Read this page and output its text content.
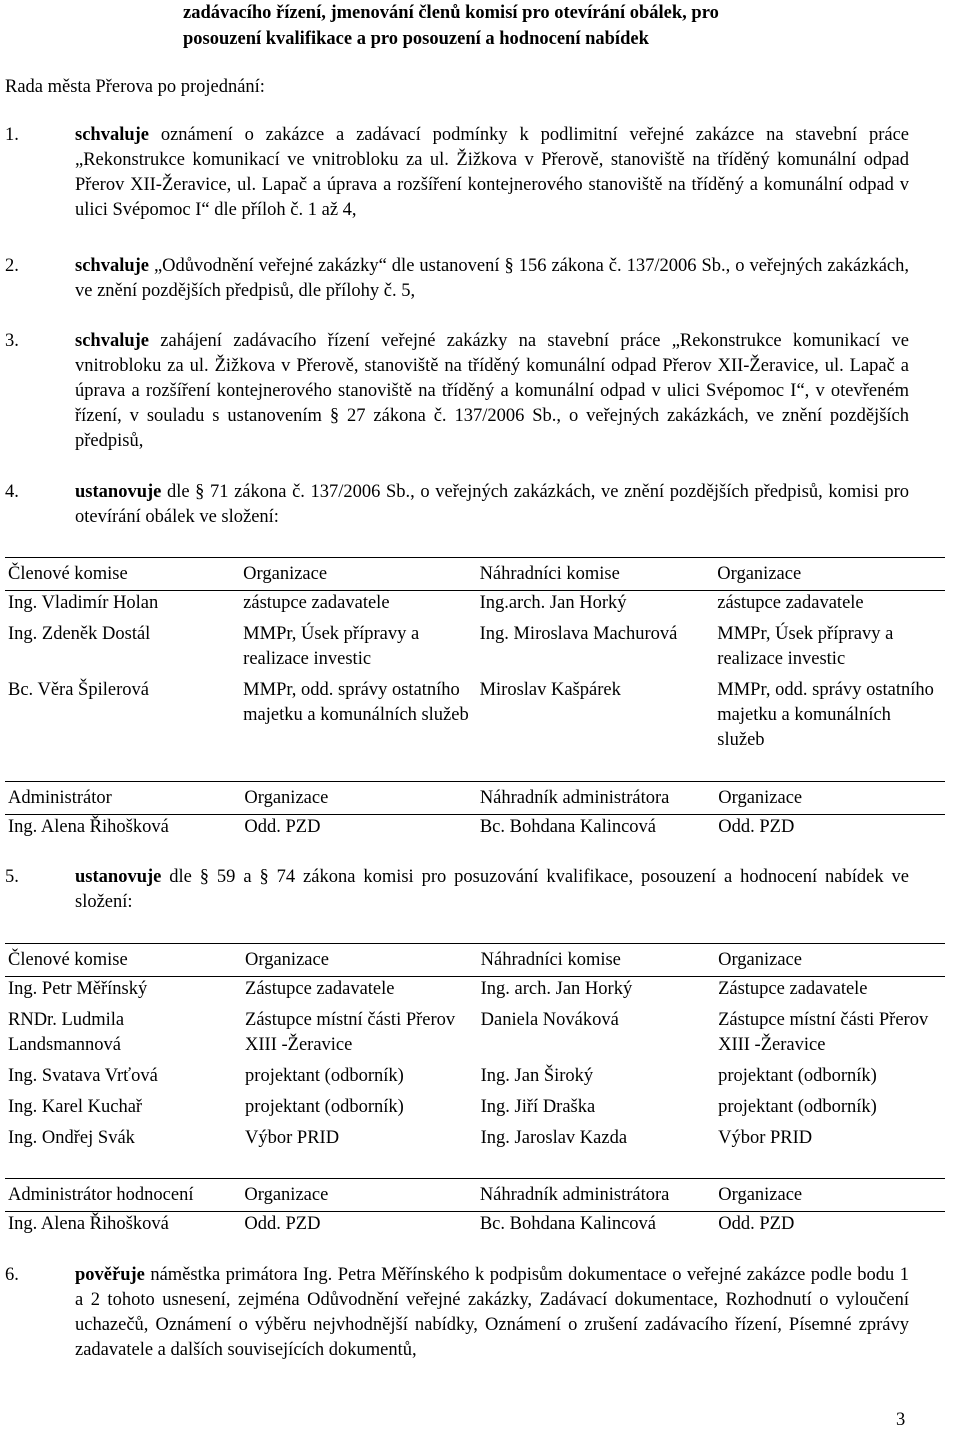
zadávacího řízení, jmenování členů komisí pro otevírání obálek, pro
posouzení kvalifikace a pro posouzení a hodnocení nabídek
Rada města Přerova po projednání:
1.	schvaluje oznámení o zakázce a zadávací podmínky k podlimitní veřejné zakázce na stavební práce „Rekonstrukce komunikací ve vnitrobloku za ul. Žižkova v Přerově, stanoviště na tříděný komunální odpad Přerov XII-Žeravice, ul. Lapač a úprava a rozšíření kontejnerového stanoviště na tříděný a komunální odpad v ulici Svépomoc I“ dle příloh č. 1 až 4,
2.	schvaluje „Odůvodnění veřejné zakázky“ dle ustanovení § 156 zákona č. 137/2006 Sb., o veřejných zakázkách, ve znění pozdějších předpisů, dle přílohy č. 5,
3.	schvaluje zahájení zadávacího řízení veřejné zakázky na stavební práce „Rekonstrukce komunikací ve vnitrobloku za ul. Žižkova v Přerově, stanoviště na tříděný komunální odpad Přerov XII-Žeravice, ul. Lapač a úprava a rozšíření kontejnerového stanoviště na tříděný a komunální odpad v ulici Svépomoc I“, v otevřeném řízení, v souladu s ustanovením § 27 zákona č. 137/2006 Sb., o veřejných zakázkách, ve znění pozdějších předpisů,
4.	ustanovuje dle § 71 zákona č. 137/2006 Sb., o veřejných zakázkách, ve znění pozdějších předpisů, komisi pro otevírání obálek ve složení:
Členové komise	Organizace	Náhradníci komise	Organizace
Ing. Vladimír Holan	zástupce zadavatele	Ing.arch. Jan Horký	zástupce zadavatele
Ing. Zdeněk Dostál	MMPr, Úsek přípravy a realizace investic	Ing. Miroslava Machurová	MMPr, Úsek přípravy a realizace investic
Bc. Věra Špilerová	MMPr, odd. správy ostatního majetku a komunálních služeb	Miroslav Kašpárek	MMPr, odd. správy ostatního majetku a komunálních služeb
Administrátor	Organizace	Náhradník administrátora	Organizace
Ing. Alena Řihošková	Odd. PZD	Bc. Bohdana Kalincová	Odd. PZD
5.	ustanovuje dle § 59 a § 74 zákona komisi pro posuzování kvalifikace, posouzení a hodnocení nabídek ve složení:
Členové komise	Organizace	Náhradníci komise	Organizace
Ing. Petr Měřínský	Zástupce zadavatele	Ing. arch. Jan Horký	Zástupce zadavatele
RNDr. Ludmila Landsmannová	Zástupce místní části Přerov XIII -Žeravice	Daniela Nováková	Zástupce místní části Přerov XIII -Žeravice
Ing. Svatava Vrťová	projektant (odborník)	Ing. Jan Široký	projektant (odborník)
Ing. Karel Kuchař	projektant (odborník)	Ing. Jiří Draška	projektant (odborník)
Ing. Ondřej Svák	Výbor PRID	Ing. Jaroslav Kazda	Výbor PRID
Administrátor hodnocení	Organizace	Náhradník administrátora	Organizace
Ing. Alena Řihošková	Odd. PZD	Bc. Bohdana Kalincová	Odd. PZD
6.	pověřuje náměstka primátora Ing. Petra Měřínského k podpisům dokumentace o veřejné zakázce podle bodu 1 a 2 tohoto usnesení, zejména Odůvodnění veřejné zakázky, Zadávací dokumentace, Rozhodnutí o vyloučení uchazečů, Oznámení o výběru nejvhodnější nabídky, Oznámení o zrušení zadávacího řízení, Písemné zprávy zadavatele a dalších souvisejících dokumentů,
3
